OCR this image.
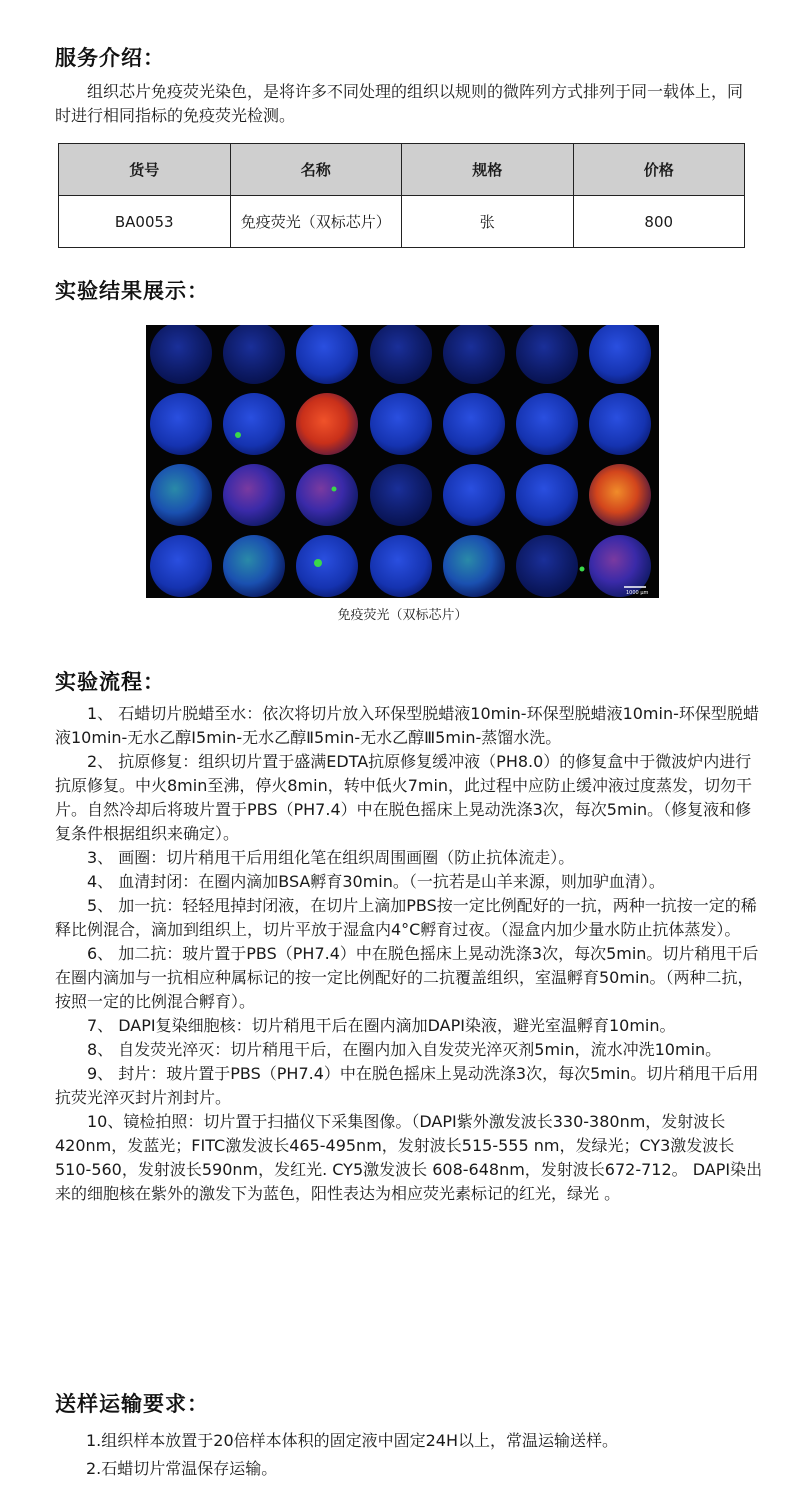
服务介绍：

组织芯片免疫荧光染色，是将许多不同处理的组织以规则的微阵列方式排列于同一载体上，同时进行相同指标的免疫荧光检测。

货号	名称	规格	价格
BA0053	免疫荧光（双标芯片）	张	800
实验结果展示：
1000 μm
免疫荧光（双标芯片）
实验流程：

1、 石蜡切片脱蜡至水：依次将切片放入环保型脱蜡液10min-环保型脱蜡液10min-环保型脱蜡液10min-无水乙醇Ⅰ5min-无水乙醇Ⅱ5min-无水乙醇Ⅲ5min-蒸馏水洗。

2、 抗原修复：组织切片置于盛满EDTA抗原修复缓冲液（PH8.0）的修复盒中于微波炉内进行抗原修复。中火8min至沸，停火8min，转中低火7min，此过程中应防止缓冲液过度蒸发，切勿干片。自然冷却后将玻片置于PBS（PH7.4）中在脱色摇床上晃动洗涤3次，每次5min。（修复液和修复条件根据组织来确定）。

3、 画圈：切片稍甩干后用组化笔在组织周围画圈（防止抗体流走）。

4、 血清封闭：在圈内滴加BSA孵育30min。（一抗若是山羊来源，则加驴血清）。

5、 加一抗：轻轻甩掉封闭液，在切片上滴加PBS按一定比例配好的一抗，两种一抗按一定的稀释比例混合，滴加到组织上，切片平放于湿盒内4°C孵育过夜。（湿盒内加少量水防止抗体蒸发）。

6、 加二抗：玻片置于PBS（PH7.4）中在脱色摇床上晃动洗涤3次，每次5min。切片稍甩干后在圈内滴加与一抗相应种属标记的按一定比例配好的二抗覆盖组织，室温孵育50min。（两种二抗，按照一定的比例混合孵育）。

7、 DAPI复染细胞核：切片稍甩干后在圈内滴加DAPI染液，避光室温孵育10min。

8、 自发荧光淬灭：切片稍甩干后，在圈内加入自发荧光淬灭剂5min，流水冲洗10min。

9、 封片：玻片置于PBS（PH7.4）中在脱色摇床上晃动洗涤3次，每次5min。切片稍甩干后用抗荧光淬灭封片剂封片。

10、镜检拍照：切片置于扫描仪下采集图像。（DAPI紫外激发波长330-380nm，发射波长420nm，发蓝光；FITC激发波长465-495nm，发射波长515-555 nm，发绿光；CY3激发波长510-560，发射波长590nm，发红光. CY5激发波长 608-648nm，发射波长672-712。 DAPI染出来的细胞核在紫外的激发下为蓝色，阳性表达为相应荧光素标记的红光，绿光 。

送样运输要求：

1.组织样本放置于20倍样本体积的固定液中固定24H以上，常温运输送样。

2.石蜡切片常温保存运输。
